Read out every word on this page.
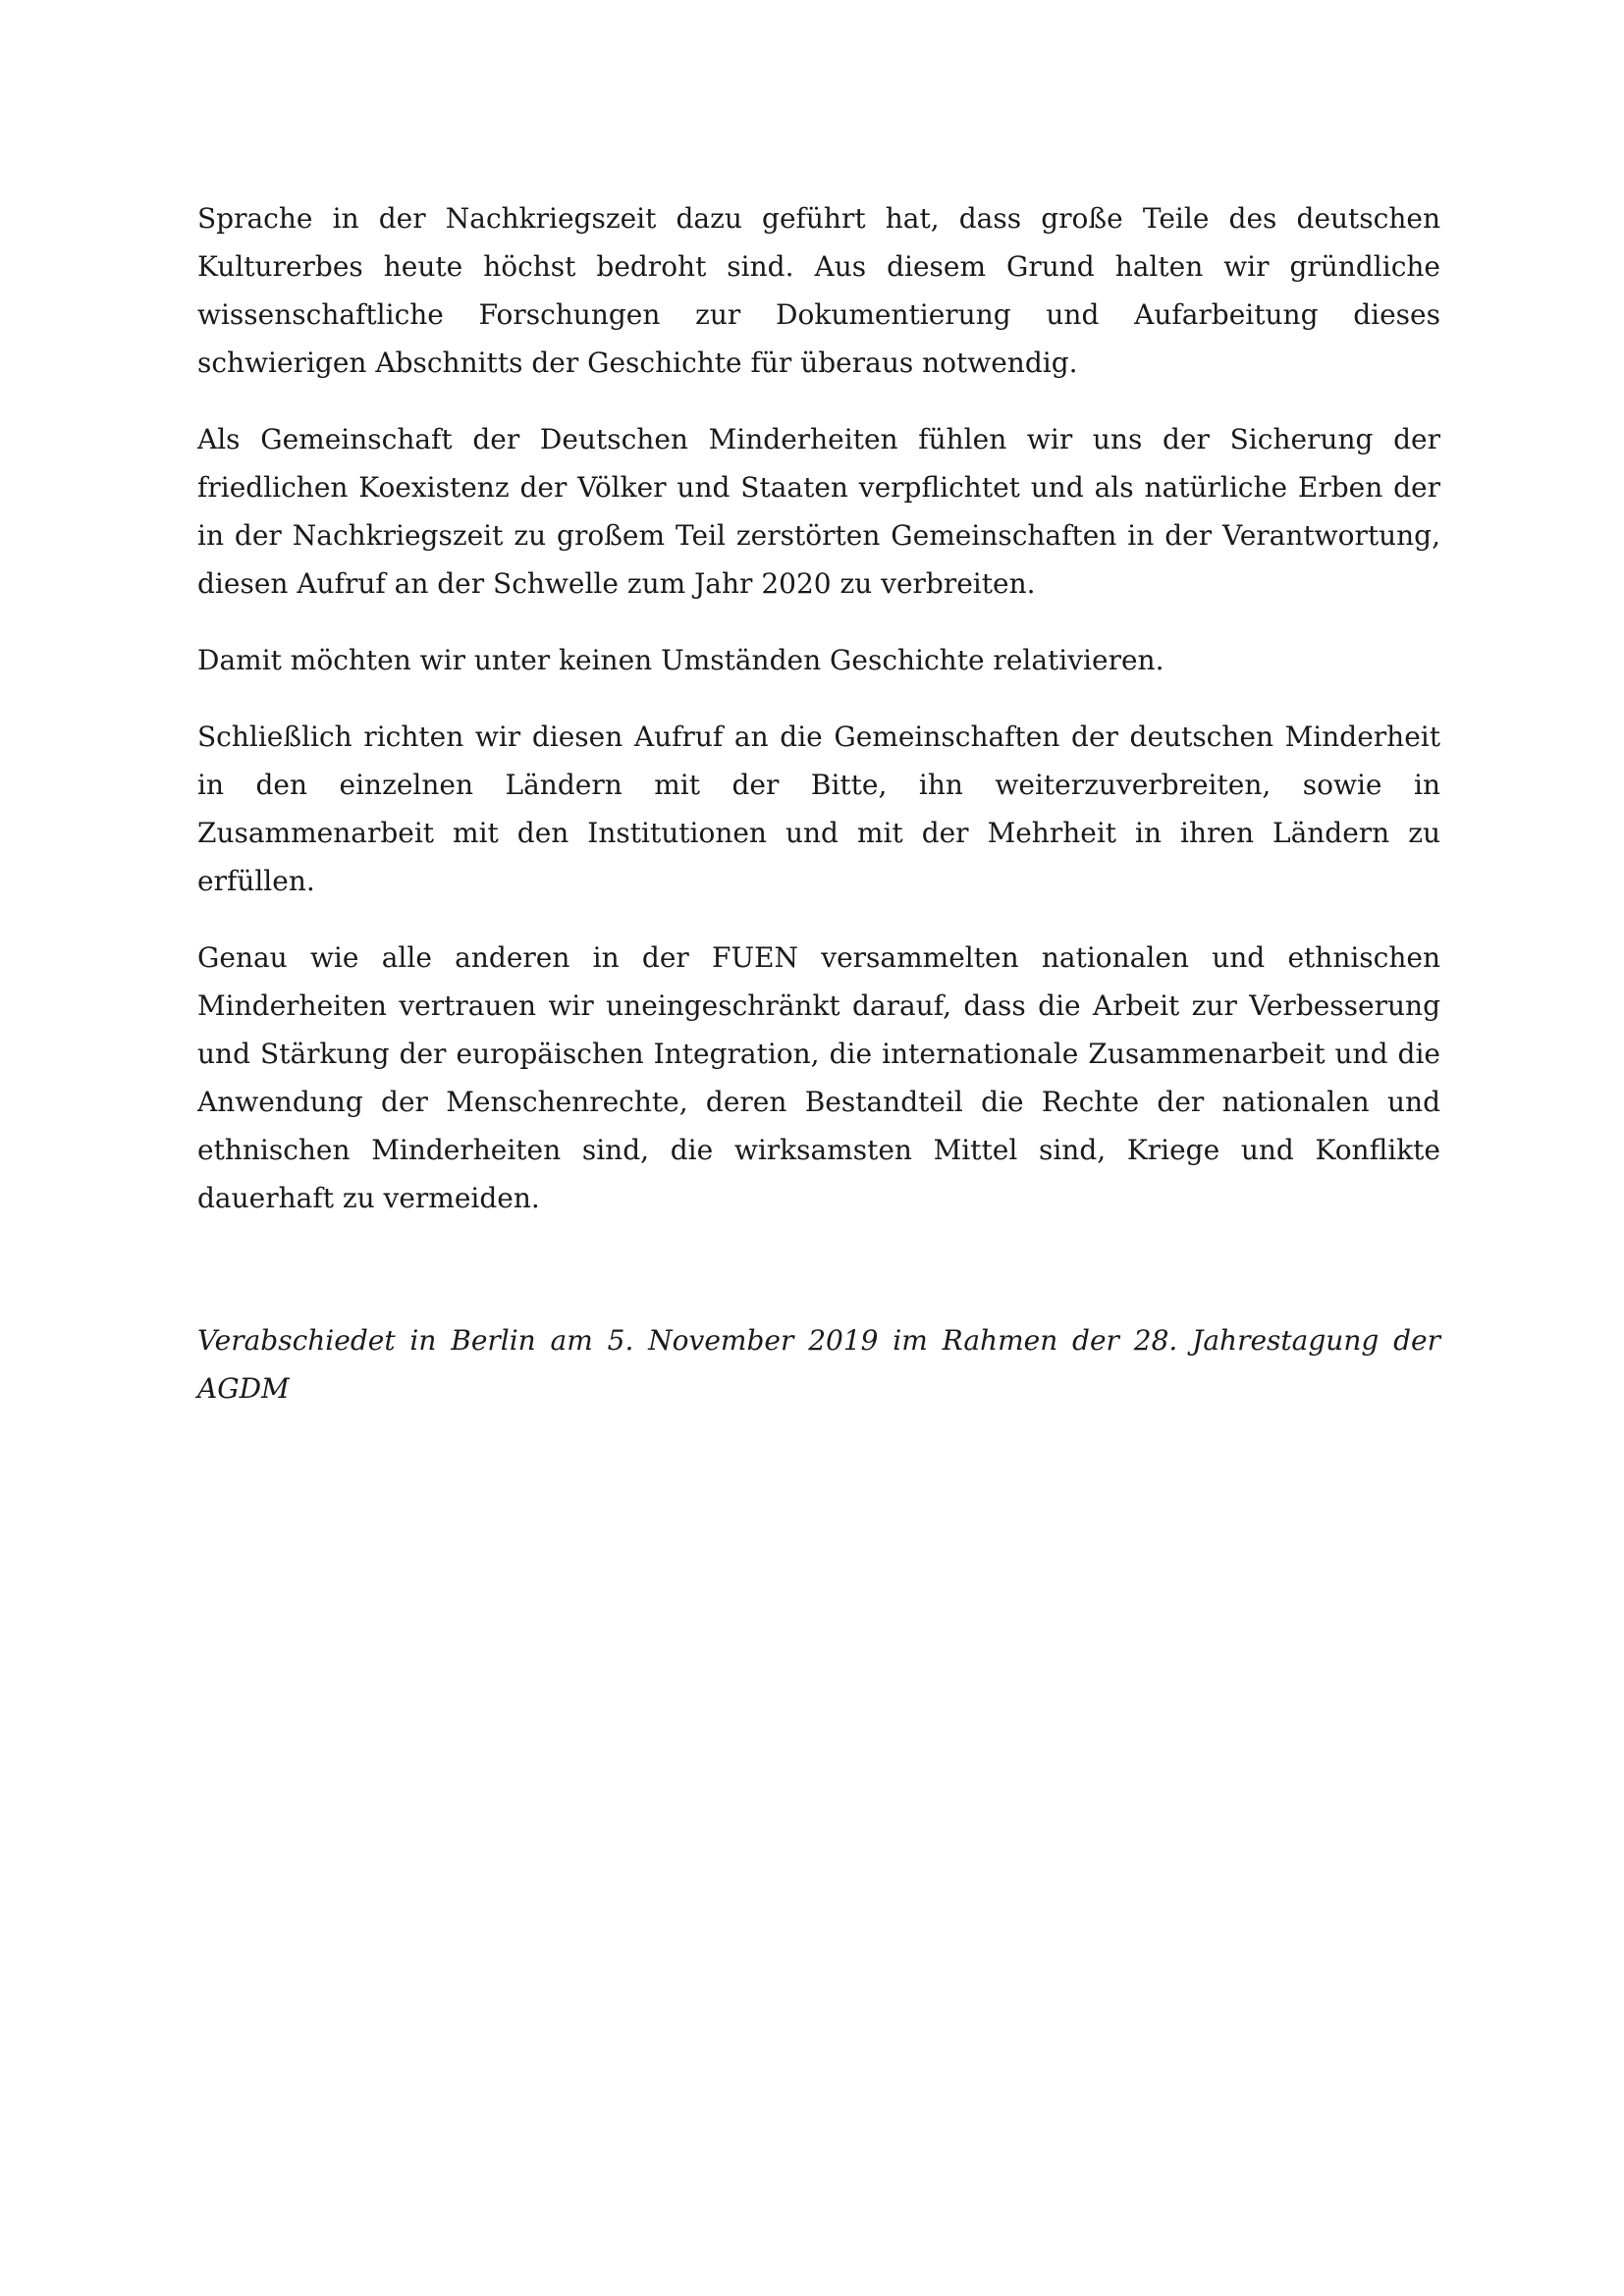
Sprache in der Nachkriegszeit dazu geführt hat, dass große Teile des deutschen Kulturerbes heute höchst bedroht sind. Aus diesem Grund halten wir gründliche wissenschaftliche Forschungen zur Dokumentierung und Aufarbeitung dieses schwierigen Abschnitts der Geschichte für überaus notwendig.

Als Gemeinschaft der Deutschen Minderheiten fühlen wir uns der Sicherung der friedlichen Koexistenz der Völker und Staaten verpflichtet und als natürliche Erben der in der Nachkriegszeit zu großem Teil zerstörten Gemeinschaften in der Verantwortung, diesen Aufruf an der Schwelle zum Jahr 2020 zu verbreiten.

Damit möchten wir unter keinen Umständen Geschichte relativieren.

Schließlich richten wir diesen Aufruf an die Gemeinschaften der deutschen Minderheit in den einzelnen Ländern mit der Bitte, ihn weiterzuverbreiten, sowie in Zusammenarbeit mit den Institutionen und mit der Mehrheit in ihren Ländern zu erfüllen.

Genau wie alle anderen in der FUEN versammelten nationalen und ethnischen Minderheiten vertrauen wir uneingeschränkt darauf, dass die Arbeit zur Verbesserung und Stärkung der europäischen Integration, die internationale Zusammenarbeit und die Anwendung der Menschenrechte, deren Bestandteil die Rechte der nationalen und ethnischen Minderheiten sind, die wirksamsten Mittel sind, Kriege und Konflikte dauerhaft zu vermeiden.

Verabschiedet in Berlin am 5. November 2019 im Rahmen der 28. Jahrestagung der AGDM
